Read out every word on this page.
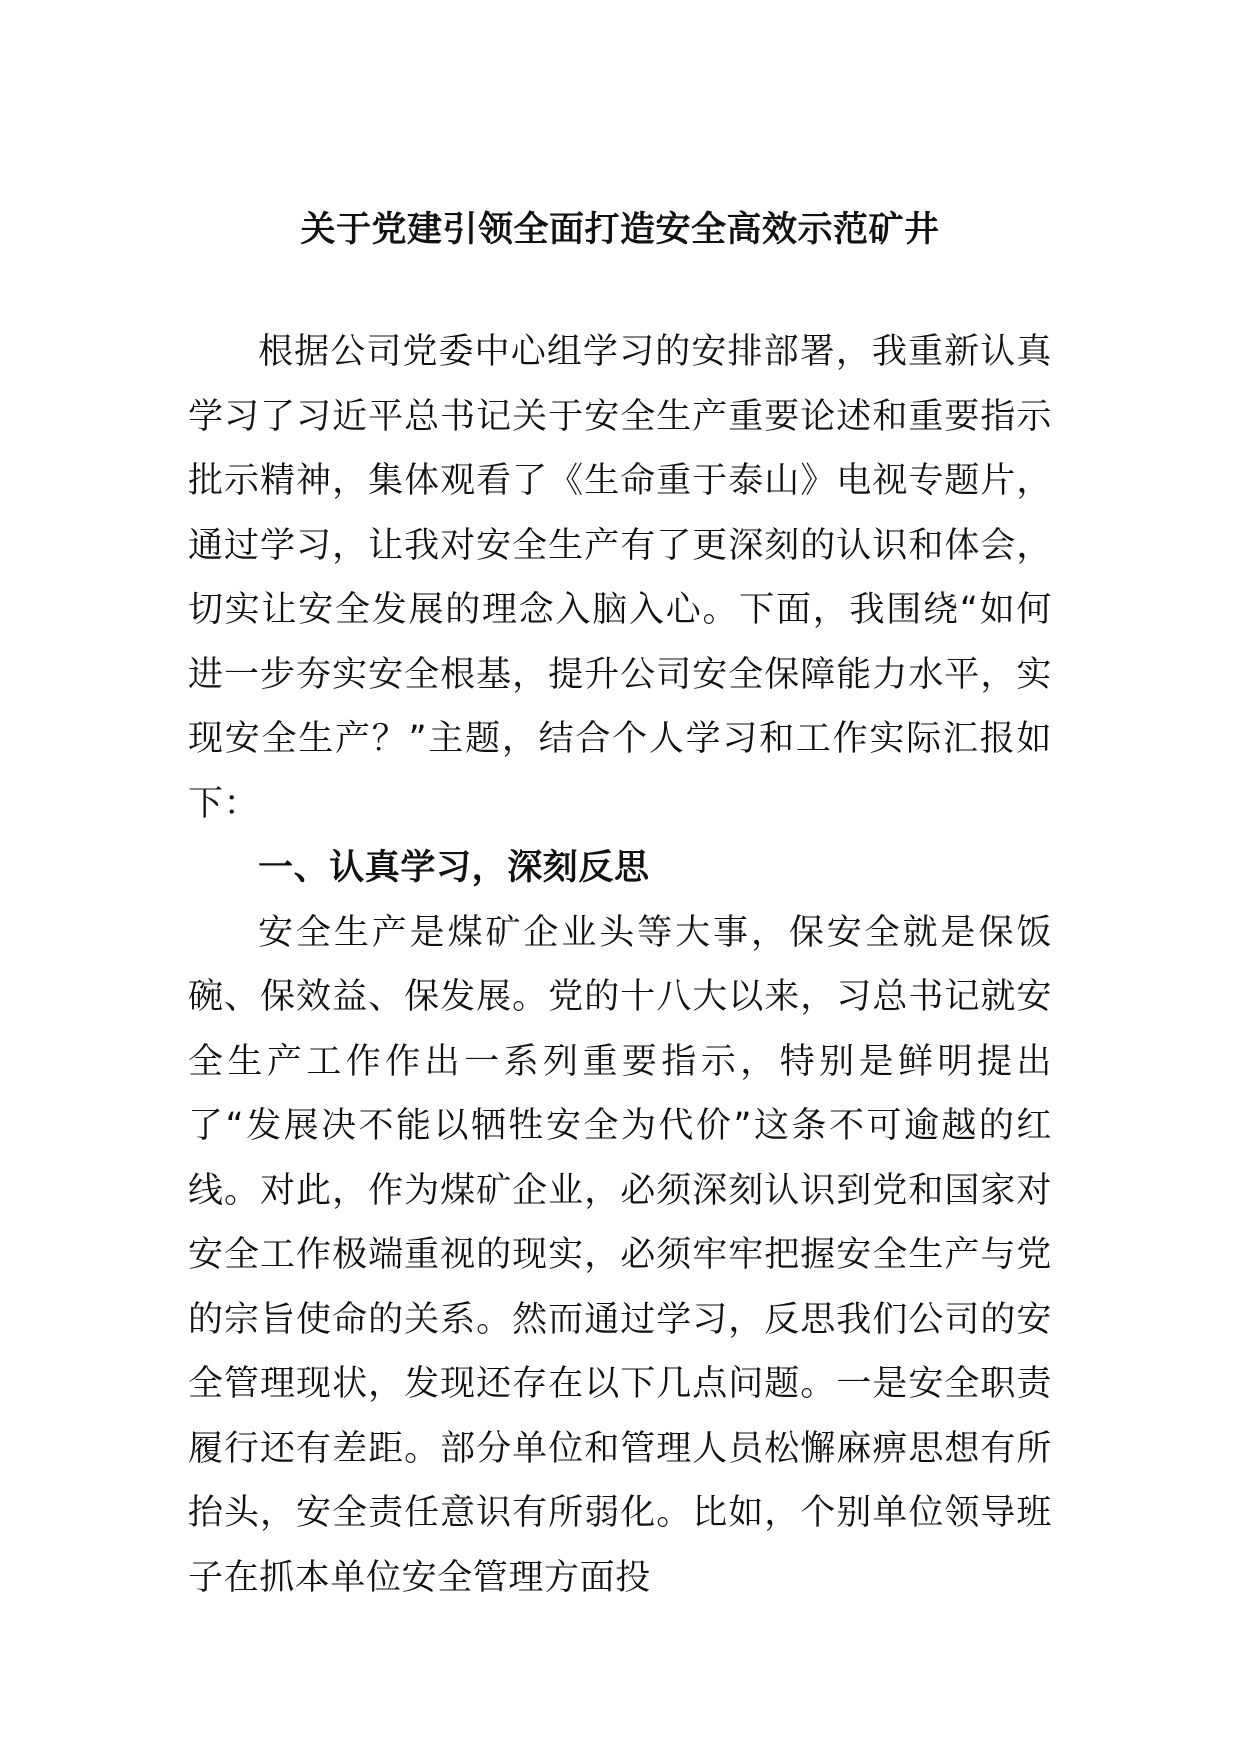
关于党建引领全面打造安全高效示范矿井

根据公司党委中心组学习的安排部署，我重新认真学习了习近平总书记关于安全生产重要论述和重要指示批示精神，集体观看了《生命重于泰山》电视专题片，通过学习，让我对安全生产有了更深刻的认识和体会，切实让安全发展的理念入脑入心。下面，我围绕“如何进一步夯实安全根基，提升公司安全保障能力水平，实现安全生产？”主题，结合个人学习和工作实际汇报如下：

一、认真学习，深刻反思

安全生产是煤矿企业头等大事，保安全就是保饭碗、保效益、保发展。党的十八大以来，习总书记就安全生产工作作出一系列重要指示，特别是鲜明提出了“发展决不能以牺牲安全为代价”这条不可逾越的红线。对此，作为煤矿企业，必须深刻认识到党和国家对安全工作极端重视的现实，必须牢牢把握安全生产与党的宗旨使命的关系。然而通过学习，反思我们公司的安全管理现状，发现还存在以下几点问题。一是安全职责履行还有差距。部分单位和管理人员松懈麻痹思想有所抬头，安全责任意识有所弱化。比如，个别单位领导班子在抓本单位安全管理方面投
